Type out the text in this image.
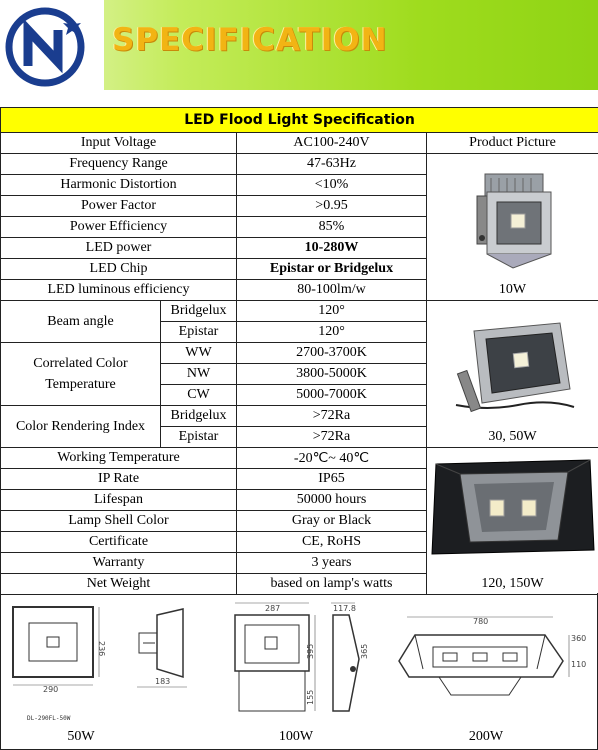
SPECIFICATION
LED Flood Light Specification			
Input Voltage		AC100-240V	Product Picture
Frequency Range		47-63Hz	10W

Harmonic Distortion		<10%	
Power Factor		>0.95	
Power Efficiency		85%	
LED power		10-280W	
LED Chip		Epistar or Bridgelux	
LED luminous efficiency		80-100lm/w	
Beam angle	Bridgelux	120°	30, 50W

	Epistar	120°	
Correlated Color Temperature	WW	2700-3700K	
	NW	3800-5000K	
	CW	5000-7000K	
Color Rendering Index	Bridgelux	>72Ra	
	Epistar	>72Ra	
Working Temperature		-20℃~ 40℃	120, 150W

IP Rate		IP65	
Lifespan		50000 hours	
Lamp Shell Color		Gray or Black	
Certificate		CE, RoHS	
Warranty		3 years	
Net Weight		based on lamp's watts	
236
290
183
DL-290FL-50W
287
395
155
117.8
365
780
360
110
50W	100W	200W
